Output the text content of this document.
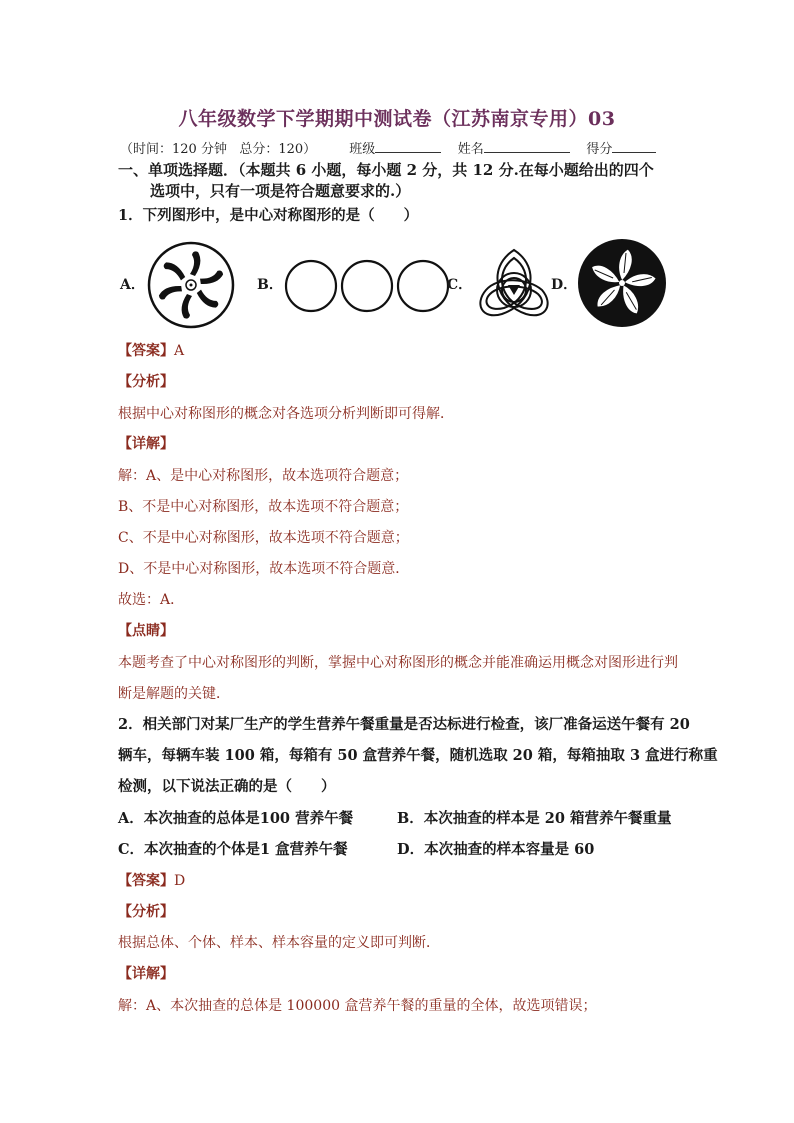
八年级数学下学期期中测试卷（江苏南京专用）03
（时间：120 分钟 总分：120）	班级	姓名	得分
一、单项选择题．（本题共 6 小题，每小题 2 分，共 12 分.在每小题给出的四个
选项中，只有一项是符合题意要求的.）
1．下列图形中，是中心对称图形的是（　　）
A．	B．	C．	D．
【答案】A
【分析】
根据中心对称图形的概念对各选项分析判断即可得解．
【详解】
解：A、是中心对称图形，故本选项符合题意；
B、不是中心对称图形，故本选项不符合题意；
C、不是中心对称图形，故本选项不符合题意；
D、不是中心对称图形，故本选项不符合题意．
故选：A．
【点睛】
本题考查了中心对称图形的判断，掌握中心对称图形的概念并能准确运用概念对图形进行判
断是解题的关键．
2．相关部门对某厂生产的学生营养午餐重量是否达标进行检查，该厂准备运送午餐有 20
辆车，每辆车装 100 箱，每箱有 50 盒营养午餐，随机选取 20 箱，每箱抽取 3 盒进行称重
检测，以下说法正确的是（　　）
A．本次抽查的总体是100 营养午餐	B．本次抽查的样本是 20 箱营养午餐重量
C．本次抽查的个体是1 盒营养午餐	D．本次抽查的样本容量是 60
【答案】D
【分析】
根据总体、个体、样本、样本容量的定义即可判断．
【详解】
解：A、本次抽查的总体是 100000 盒营养午餐的重量的全体，故选项错误；
